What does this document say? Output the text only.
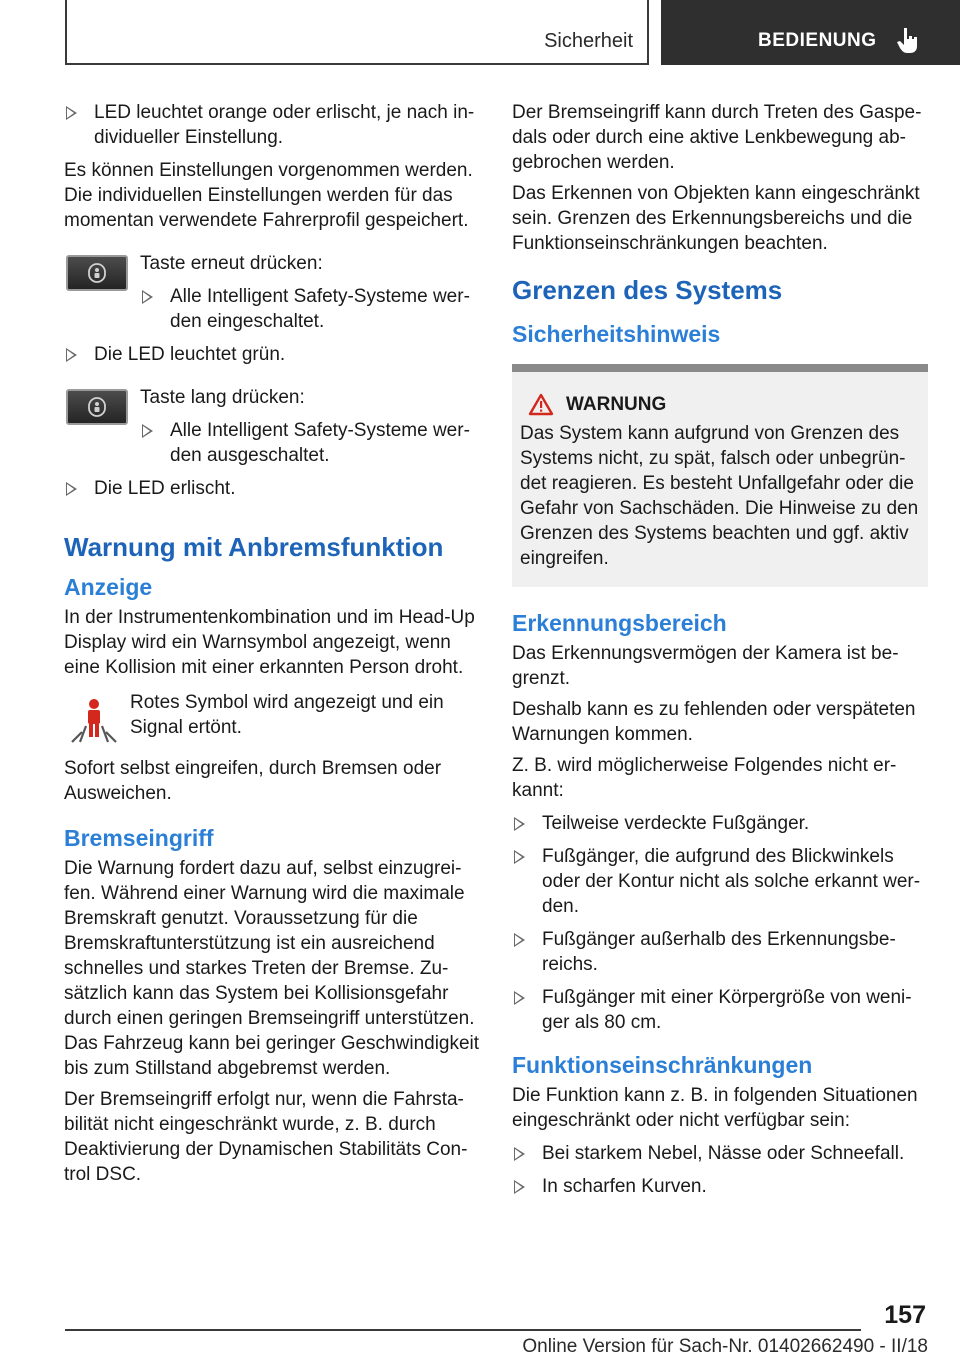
Sicherheit	BEDIENUNG
LED leuchtet orange oder erlischt, je nach in-dividueller Einstellung.

Es können Einstellungen vorgenommen werden. Die individuellen Einstellungen werden für das momentan verwendete Fahrerprofil gespeichert.

Taste erneut drücken:
Alle Intelligent Safety-Systeme wer-den eingeschaltet.
Die LED leuchtet grün.
Taste lang drücken:
Alle Intelligent Safety-Systeme wer-den ausgeschaltet.
Die LED erlischt.
Warnung mit Anbremsfunktion
Anzeige

In der Instrumentenkombination und im Head-Up Display wird ein Warnsymbol angezeigt, wenn eine Kollision mit einer erkannten Person droht.

Rotes Symbol wird angezeigt und ein Signal ertönt.

Sofort selbst eingreifen, durch Bremsen oder Ausweichen.

Bremseingriff

Die Warnung fordert dazu auf, selbst einzugrei-fen. Während einer Warnung wird die maximale Bremskraft genutzt. Voraussetzung für die Bremskraftunterstützung ist ein ausreichend schnelles und starkes Treten der Bremse. Zu-sätzlich kann das System bei Kollisionsgefahr durch einen geringen Bremseingriff unterstützen. Das Fahrzeug kann bei geringer Geschwindigkeit bis zum Stillstand abgebremst werden.

Der Bremseingriff erfolgt nur, wenn die Fahrsta-bilität nicht eingeschränkt wurde, z. B. durch Deaktivierung der Dynamischen Stabilitäts Con-trol DSC.

Der Bremseingriff kann durch Treten des Gaspe-dals oder durch eine aktive Lenkbewegung ab-gebrochen werden.

Das Erkennen von Objekten kann eingeschränkt sein. Grenzen des Erkennungsbereichs und die Funktionseinschränkungen beachten.

Grenzen des Systems
Sicherheitshinweis
WARNUNG

Das System kann aufgrund von Grenzen des Systems nicht, zu spät, falsch oder unbegrün-det reagieren. Es besteht Unfallgefahr oder die Gefahr von Sachschäden. Die Hinweise zu den Grenzen des Systems beachten und ggf. aktiv eingreifen.

Erkennungsbereich

Das Erkennungsvermögen der Kamera ist be-grenzt.

Deshalb kann es zu fehlenden oder verspäteten Warnungen kommen.

Z. B. wird möglicherweise Folgendes nicht er-kannt:

Teilweise verdeckte Fußgänger.
Fußgänger, die aufgrund des Blickwinkels oder der Kontur nicht als solche erkannt wer-den.
Fußgänger außerhalb des Erkennungsbe-reichs.
Fußgänger mit einer Körpergröße von weni-ger als 80 cm.
Funktionseinschränkungen

Die Funktion kann z. B. in folgenden Situationen eingeschränkt oder nicht verfügbar sein:

Bei starkem Nebel, Nässe oder Schneefall.
In scharfen Kurven.
157
Online Version für Sach-Nr. 01402662490 - II/18
